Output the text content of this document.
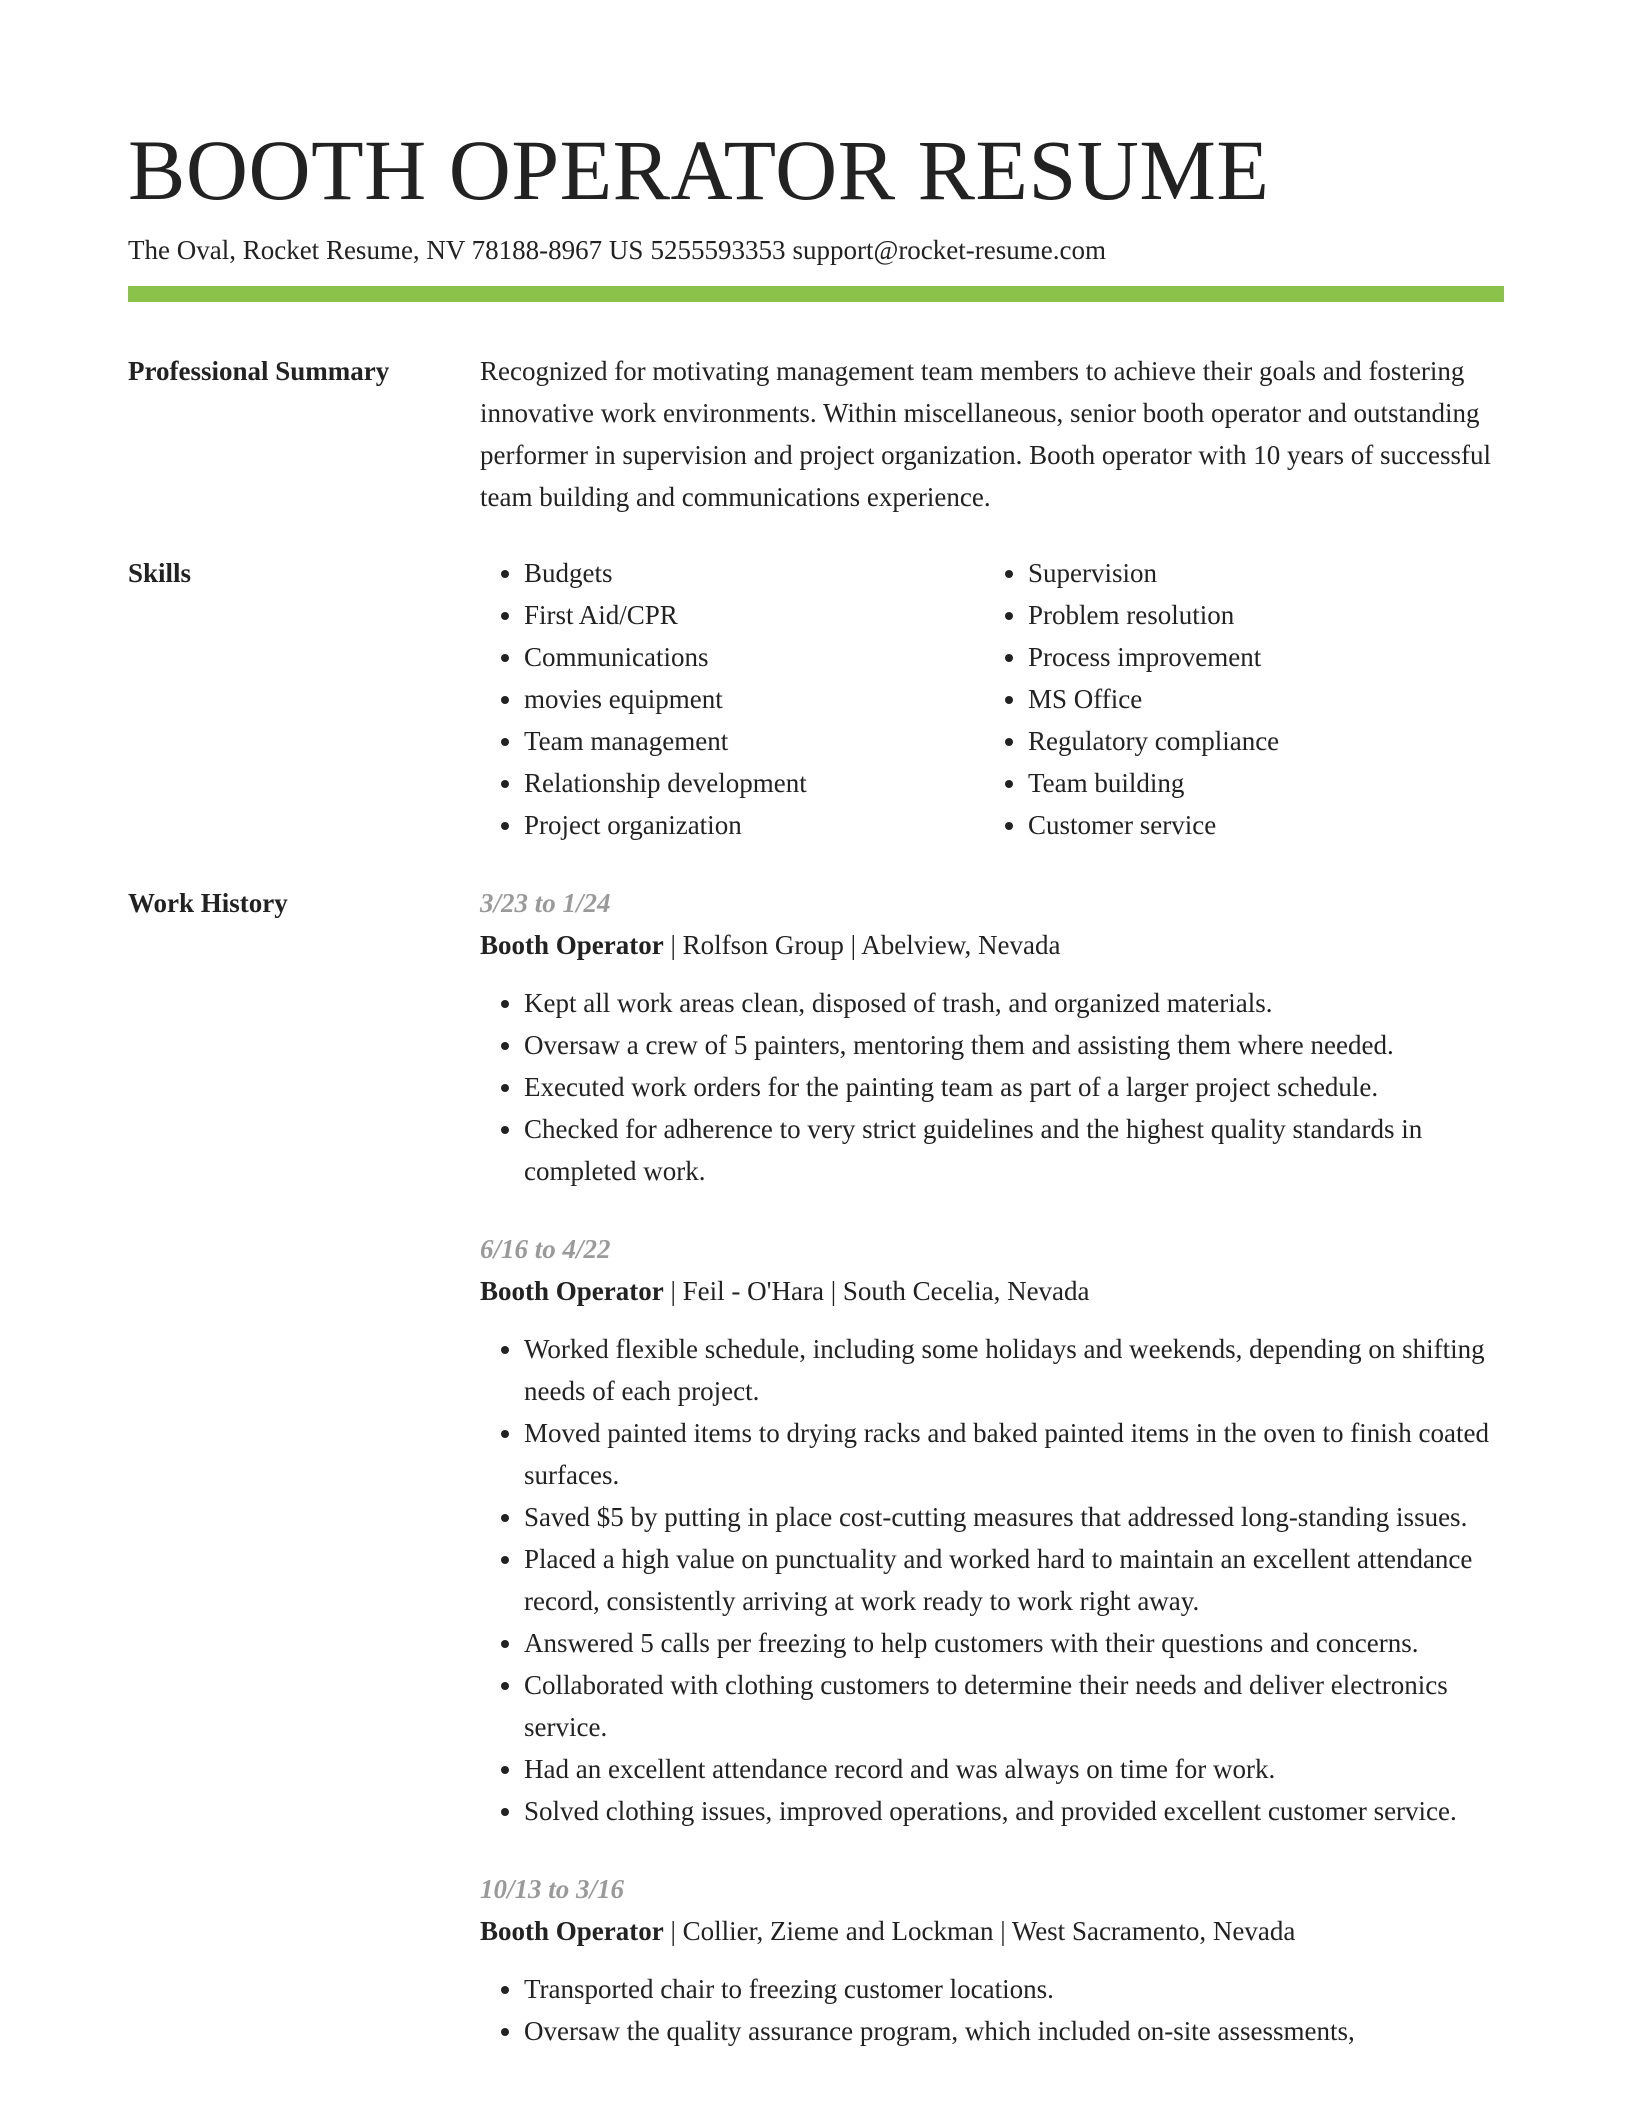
BOOTH OPERATOR RESUME
The Oval, Rocket Resume, NV 78188-8967 US 5255593353 support@rocket-resume.com
Professional Summary	Recognized for motivating management team members to achieve their goals and fostering innovative work environments. Within miscellaneous, senior booth operator and outstanding performer in supervision and project organization. Booth operator with 10 years of successful team building and communications experience.

Skills
•	Budgets
• First Aid/CPR
• Communications
• movies equipment
• Team management
• Relationship development
• Project organization
• Supervision
• Problem resolution
• Process improvement
• MS Office
• Regulatory compliance
• Team building
• Customer service
Work History	3/23 to 1/24
Booth Operator | Rolfson Group | Abelview, Nevada
• Kept all work areas clean, disposed of trash, and organized materials.
• Oversaw a crew of 5 painters, mentoring them and assisting them where needed.
• Executed work orders for the painting team as part of a larger project schedule.
• Checked for adherence to very strict guidelines and the highest quality standards in completed work.
6/16 to 4/22
Booth Operator | Feil - O'Hara | South Cecelia, Nevada
• Worked flexible schedule, including some holidays and weekends, depending on shifting needs of each project.
• Moved painted items to drying racks and baked painted items in the oven to finish coated surfaces.
• Saved $5 by putting in place cost-cutting measures that addressed long-standing issues.
• Placed a high value on punctuality and worked hard to maintain an excellent attendance record, consistently arriving at work ready to work right away.
• Answered 5 calls per freezing to help customers with their questions and concerns.
• Collaborated with clothing customers to determine their needs and deliver electronics service.
• Had an excellent attendance record and was always on time for work.
• Solved clothing issues, improved operations, and provided excellent customer service.
10/13 to 3/16
Booth Operator | Collier, Zieme and Lockman | West Sacramento, Nevada
• Transported chair to freezing customer locations.
• Oversaw the quality assurance program, which included on-site assessments,
